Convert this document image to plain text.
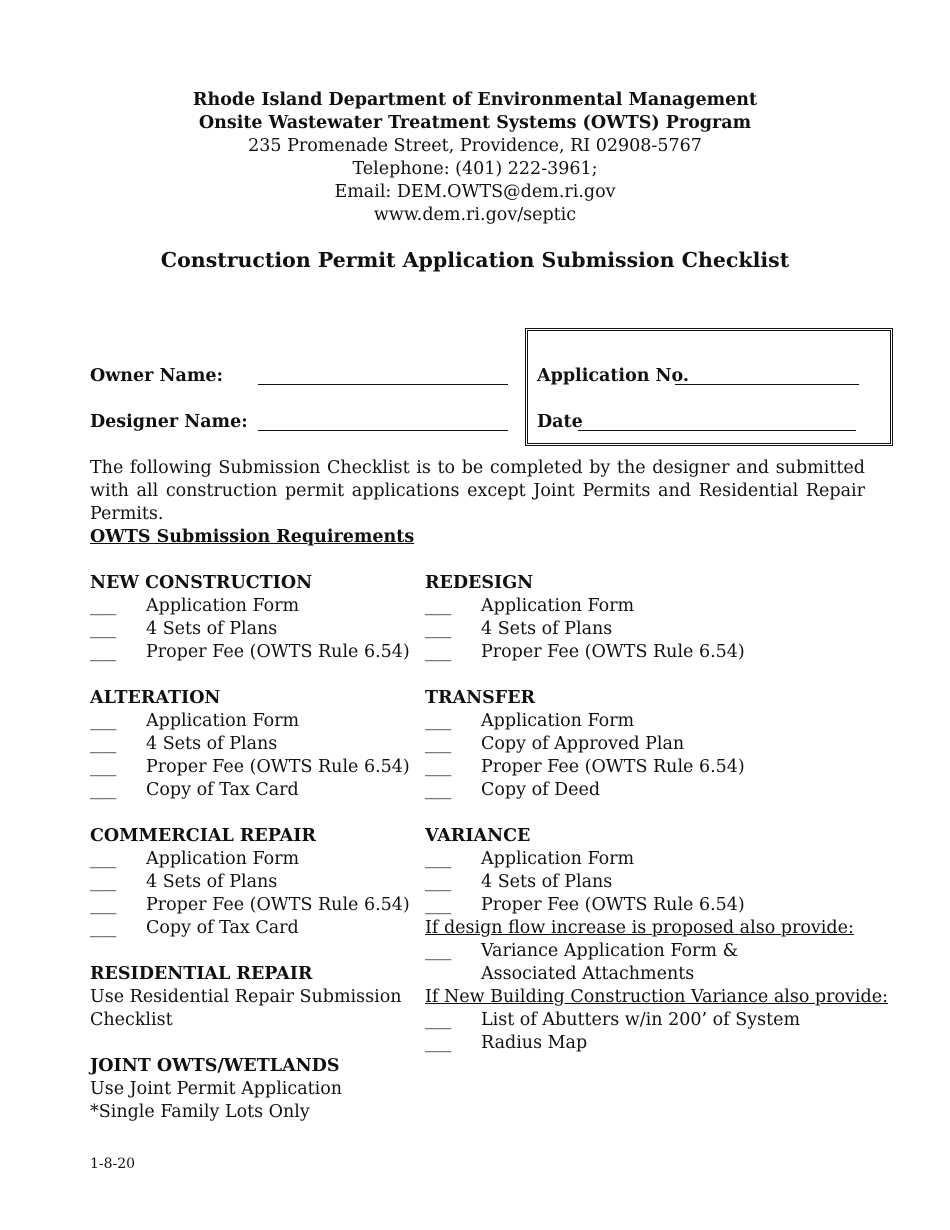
Rhode Island Department of Environmental Management
Onsite Wastewater Treatment Systems (OWTS) Program
235 Promenade Street, Providence, RI 02908-5767
Telephone: (401) 222-3961;
Email: DEM.OWTS@dem.ri.gov
www.dem.ri.gov/septic
Construction Permit Application Submission Checklist
Owner Name:
Designer Name:
Application No.
Date
The following Submission Checklist is to be completed by the designer and submitted with all construction permit applications except Joint Permits and Residential Repair Permits.
OWTS Submission Requirements
NEW CONSTRUCTION
___ Application Form
___ 4 Sets of Plans
___ Proper Fee (OWTS Rule 6.54)
ALTERATION
___ Application Form
___ 4 Sets of Plans
___ Proper Fee (OWTS Rule 6.54)
___ Copy of Tax Card
COMMERCIAL REPAIR
___ Application Form
___ 4 Sets of Plans
___ Proper Fee (OWTS Rule 6.54)
___ Copy of Tax Card
RESIDENTIAL REPAIR
Use Residential Repair Submission
Checklist
JOINT OWTS/WETLANDS
Use Joint Permit Application
*Single Family Lots Only
REDESIGN
___ Application Form
___ 4 Sets of Plans
___ Proper Fee (OWTS Rule 6.54)
TRANSFER
___ Application Form
___ Copy of Approved Plan
___ Proper Fee (OWTS Rule 6.54)
___ Copy of Deed
VARIANCE
___ Application Form
___ 4 Sets of Plans
___ Proper Fee (OWTS Rule 6.54)
If design flow increase is proposed also provide:
___ Variance Application Form &
Associated Attachments
If New Building Construction Variance also provide:
___ List of Abutters w/in 200’ of System
___ Radius Map
1-8-20
